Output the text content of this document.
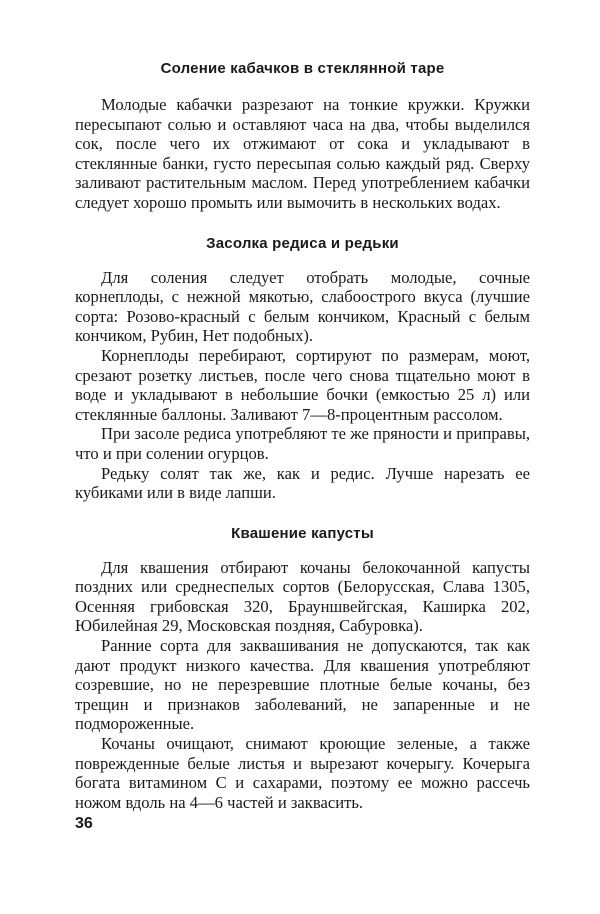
Соление кабачков в стеклянной таре

Молодые кабачки разрезают на тонкие кружки. Кружки пересыпают солью и оставляют часа на два, чтобы выделился сок, после чего их отжимают от сока и укладывают в стеклянные банки, густо пересыпая солью каждый ряд. Сверху заливают растительным маслом. Перед употреблением кабачки следует хорошо промыть или вымочить в нескольких водах.

Засолка редиса и редьки

Для соления следует отобрать молодые, сочные корнеплоды, с нежной мякотью, слабоострого вкуса (лучшие сорта: Розово-красный с белым кончиком, Красный с белым кончиком, Рубин, Нет подобных).

Корнеплоды перебирают, сортируют по размерам, моют, срезают розетку листьев, после чего снова тщательно моют в воде и укладывают в небольшие бочки (емкостью 25 л) или стеклянные баллоны. Заливают 7—8-процентным рассолом.

При засоле редиса употребляют те же пряности и приправы, что и при солении огурцов.

Редьку солят так же, как и редис. Лучше нарезать ее кубиками или в виде лапши.

Квашение капусты

Для квашения отбирают кочаны белокочанной капусты поздних или среднеспелых сортов (Белорусская, Слава 1305, Осенняя грибовская 320, Брауншвейгская, Каширка 202, Юбилейная 29, Московская поздняя, Сабуровка).

Ранние сорта для заквашивания не допускаются, так как дают продукт низкого качества. Для квашения употребляют созревшие, но не перезревшие плотные белые кочаны, без трещин и признаков заболеваний, не запаренные и не подмороженные.

Кочаны очищают, снимают кроющие зеленые, а также поврежденные белые листья и вырезают кочерыгу. Кочерыга богата витамином С и сахарами, поэтому ее можно рассечь ножом вдоль на 4—6 частей и заквасить.

36
